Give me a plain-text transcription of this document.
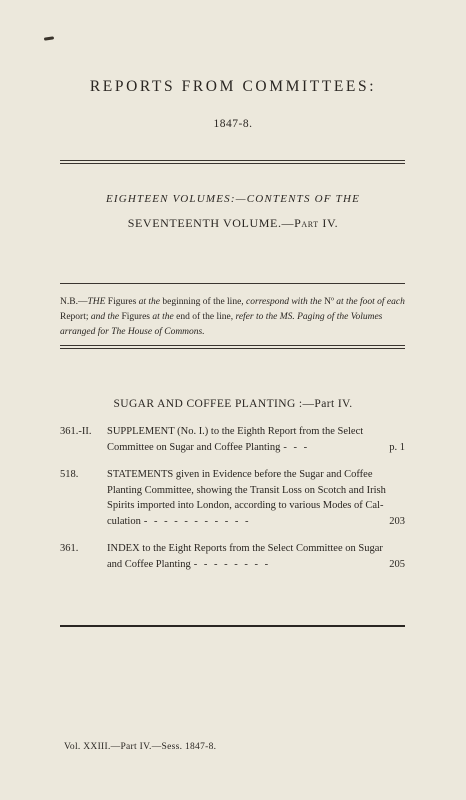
REPORTS FROM COMMITTEES:
1847-8.
EIGHTEEN VOLUMES:—CONTENTS OF THE
SEVENTEENTH VOLUME.—Part IV.
N.B.—THE Figures at the beginning of the line, correspond with the Nº at the foot of each Report; and the Figures at the end of the line, refer to the MS. Paging of the Volumes arranged for The House of Commons.
SUGAR AND COFFEE PLANTING :—Part IV.
361.-II. SUPPLEMENT (No. I.) to the Eighth Report from the Select
Committee on Sugar and Coffee Planting - - -	p. 1
518.	STATEMENTS given in Evidence before the Sugar and Coffee
Planting Committee, showing the Transit Loss on Scotch and Irish
Spirits imported into London, according to various Modes of Cal-
culation - - - - - - - - - - -	203
361.	INDEX to the Eight Reports from the Select Committee on Sugar
and Coffee Planting - - - - - - - -	205
Vol. XXIII.—Part IV.—Sess. 1847-8.
